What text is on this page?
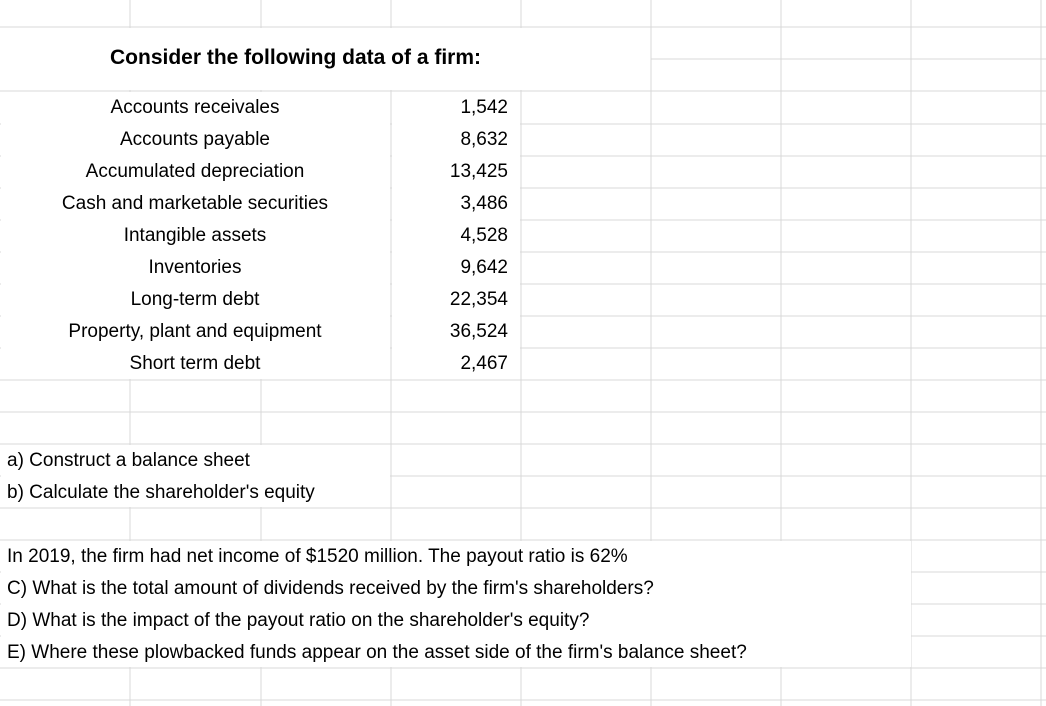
Consider the following data of a firm:
Accounts receivales	1,542
Accounts payable	8,632
Accumulated depreciation	13,425
Cash and marketable securities	3,486
Intangible assets	4,528
Inventories	9,642
Long-term debt	22,354
Property, plant and equipment	36,524
Short term debt	2,467
a) Construct a balance sheet
b) Calculate the shareholder's equity
In 2019, the firm had net income of $1520 million. The payout ratio is 62%
C) What is the total amount of dividends received by the firm's shareholders?
D) What is the impact of the payout ratio on the shareholder's equity?
E) Where these plowbacked funds appear on the asset side of the firm's balance sheet?
